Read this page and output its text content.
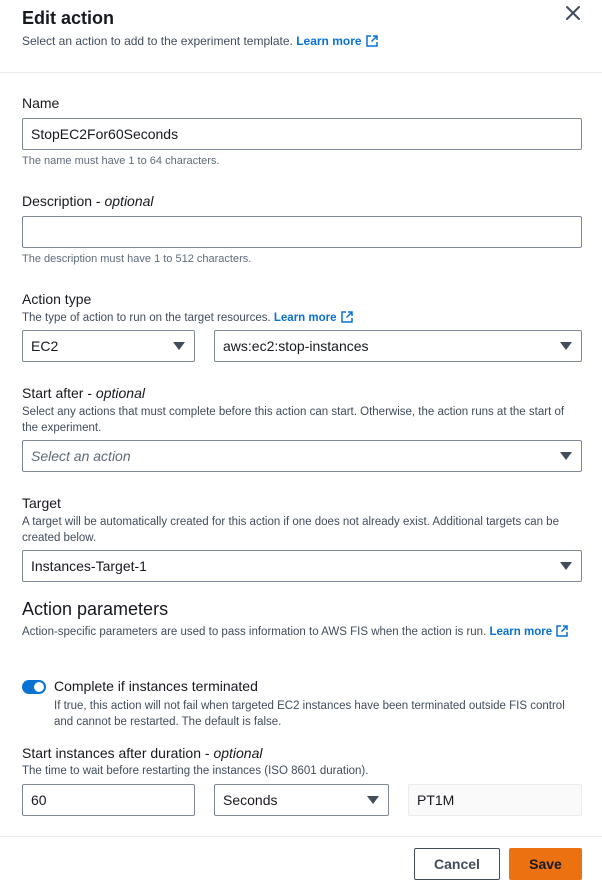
Edit action
Select an action to add to the experiment template. Learn more
Name
StopEC2For60Seconds
The name must have 1 to 64 characters.
Description - optional
The description must have 1 to 512 characters.
Action type
The type of action to run on the target resources. Learn more
EC2	aws:ec2:stop-instances
Start after - optional
Select any actions that must complete before this action can start. Otherwise, the action runs at the start of the experiment.
Select an action
Target
A target will be automatically created for this action if one does not already exist. Additional targets can be created below.
Instances-Target-1
Action parameters
Action-specific parameters are used to pass information to AWS FIS when the action is run. Learn more
Complete if instances terminated
If true, this action will not fail when targeted EC2 instances have been terminated outside FIS control and cannot be restarted. The default is false.
Start instances after duration - optional
The time to wait before restarting the instances (ISO 8601 duration).
60	Seconds	PT1M
Cancel	Save
